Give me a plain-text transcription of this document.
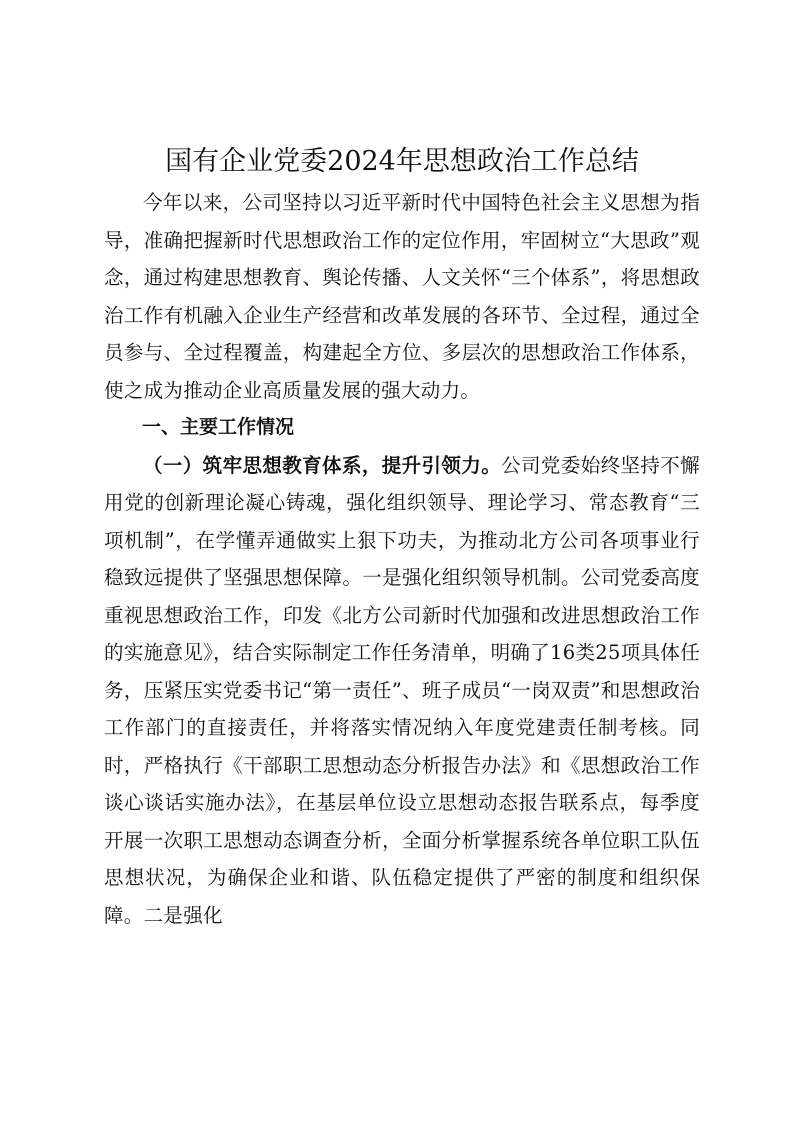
国有企业党委2024年思想政治工作总结

今年以来，公司坚持以习近平新时代中国特色社会主义思想为指导，准确把握新时代思想政治工作的定位作用，牢固树立“大思政”观念，通过构建思想教育、舆论传播、人文关怀“三个体系”，将思想政治工作有机融入企业生产经营和改革发展的各环节、全过程，通过全员参与、全过程覆盖，构建起全方位、多层次的思想政治工作体系，使之成为推动企业高质量发展的强大动力。

一、主要工作情况

（一）筑牢思想教育体系，提升引领力。公司党委始终坚持不懈用党的创新理论凝心铸魂，强化组织领导、理论学习、常态教育“三项机制”，在学懂弄通做实上狠下功夫，为推动北方公司各项事业行稳致远提供了坚强思想保障。一是强化组织领导机制。公司党委高度重视思想政治工作，印发《北方公司新时代加强和改进思想政治工作的实施意见》，结合实际制定工作任务清单，明确了16类25项具体任务，压紧压实党委书记“第一责任”、班子成员“一岗双责”和思想政治工作部门的直接责任，并将落实情况纳入年度党建责任制考核。同时，严格执行《干部职工思想动态分析报告办法》和《思想政治工作谈心谈话实施办法》，在基层单位设立思想动态报告联系点，每季度开展一次职工思想动态调查分析，全面分析掌握系统各单位职工队伍思想状况，为确保企业和谐、队伍稳定提供了严密的制度和组织保障。二是强化
